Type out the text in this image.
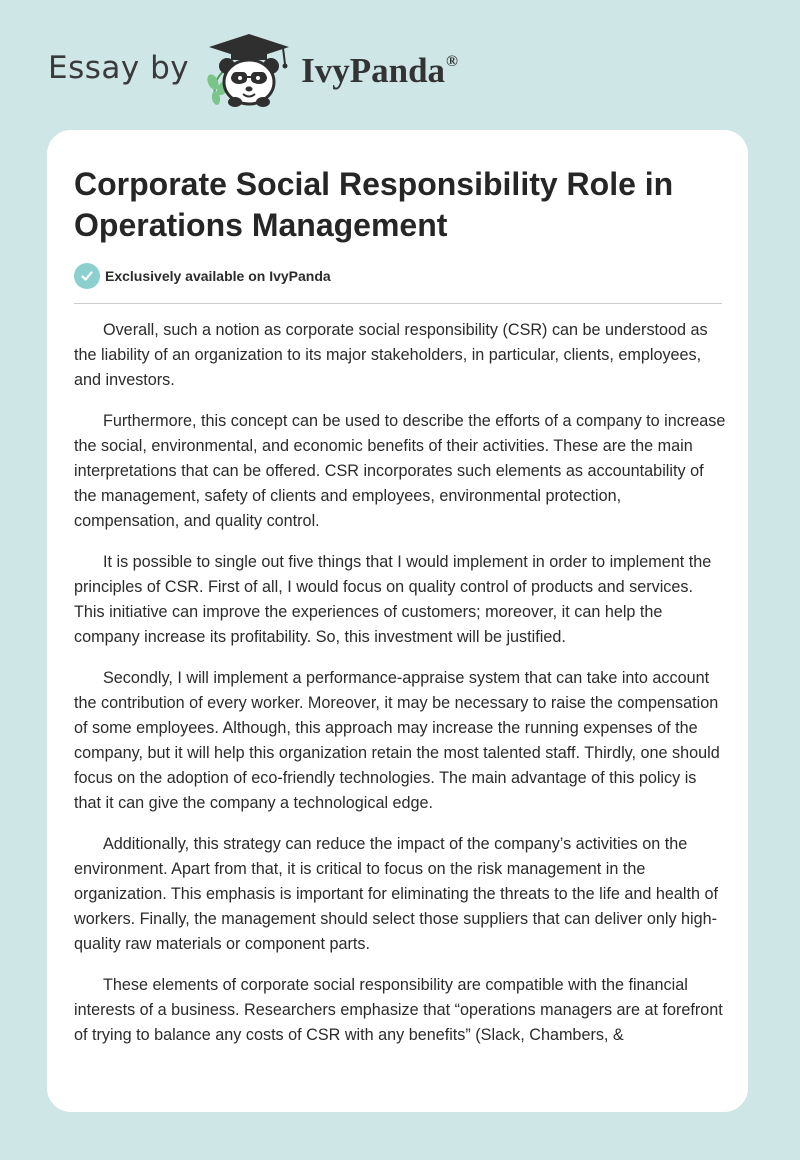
Essay by	IvyPanda®
Corporate Social Responsibility Role in Operations Management
Exclusively available on IvyPanda

Overall, such a notion as corporate social responsibility (CSR) can be understood as the liability of an organization to its major stakeholders, in particular, clients, employees, and investors.

Furthermore, this concept can be used to describe the efforts of a company to increase the social, environmental, and economic benefits of their activities. These are the main interpretations that can be offered. CSR incorporates such elements as accountability of the management, safety of clients and employees, environmental protection, compensation, and quality control.

It is possible to single out five things that I would implement in order to implement the principles of CSR. First of all, I would focus on quality control of products and services. This initiative can improve the experiences of customers; moreover, it can help the company increase its profitability. So, this investment will be justified.

Secondly, I will implement a performance-appraise system that can take into account the contribution of every worker. Moreover, it may be necessary to raise the compensation of some employees. Although, this approach may increase the running expenses of the company, but it will help this organization retain the most talented staff. Thirdly, one should focus on the adoption of eco-friendly technologies. The main advantage of this policy is that it can give the company a technological edge.

Additionally, this strategy can reduce the impact of the company’s activities on the environment. Apart from that, it is critical to focus on the risk management in the organization. This emphasis is important for eliminating the threats to the life and health of workers. Finally, the management should select those suppliers that can deliver only high-quality raw materials or component parts.

These elements of corporate social responsibility are compatible with the financial interests of a business. Researchers emphasize that “operations managers are at forefront of trying to balance any costs of CSR with any benefits” (Slack, Chambers, &
